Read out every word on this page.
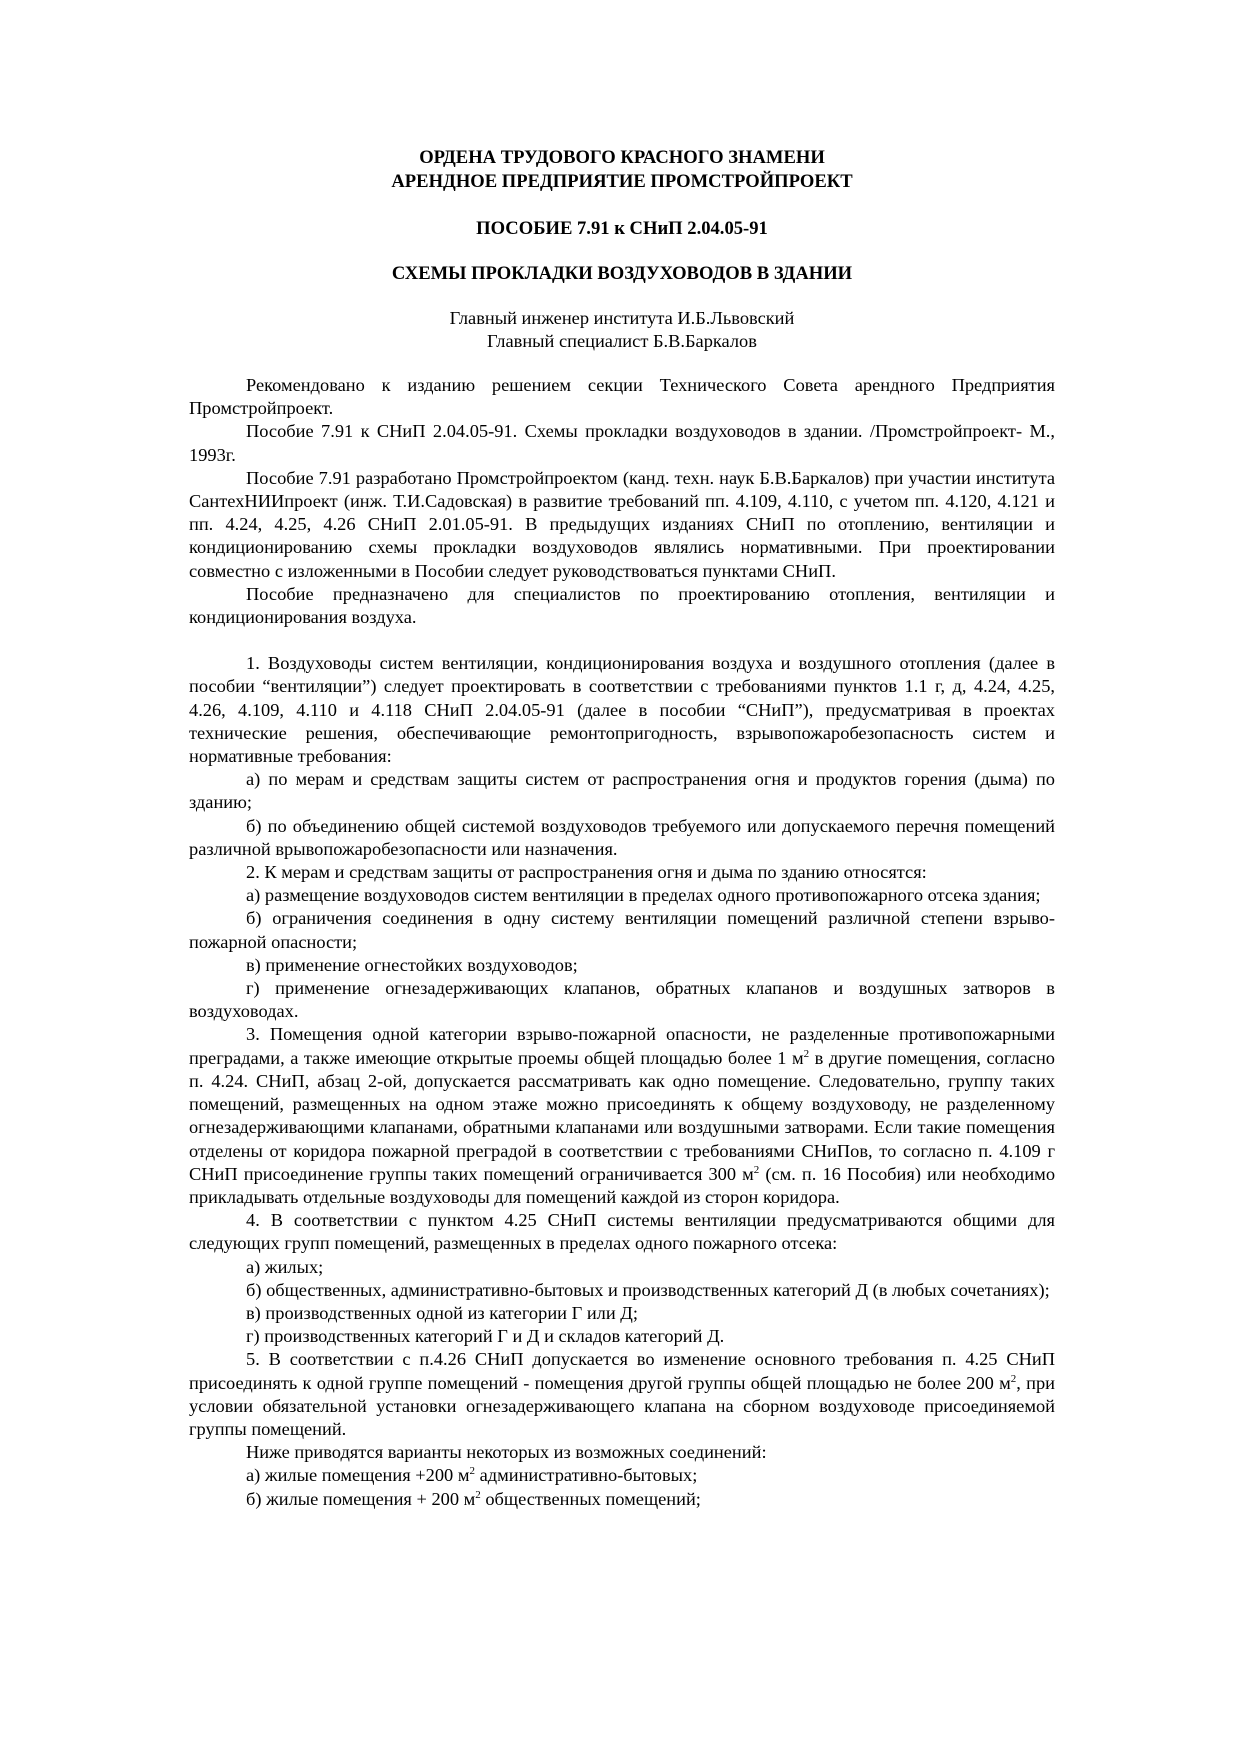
ОРДЕНА ТРУДОВОГО КРАСНОГО ЗНАМЕНИ
АРЕНДНОЕ ПРЕДПРИЯТИЕ ПРОМСТРОЙПРОЕКТ
ПОСОБИЕ 7.91 к СНиП 2.04.05-91
СХЕМЫ ПРОКЛАДКИ ВОЗДУХОВОДОВ В ЗДАНИИ
Главный инженер института И.Б.Львовский
Главный специалист Б.В.Баркалов

Рекомендовано к изданию решением секции Технического Совета арендного Предприятия Промстройпроект.

Пособие 7.91 к СНиП 2.04.05-91. Схемы прокладки воздуховодов в здании. /Промстройпроект- М., 1993г.

Пособие 7.91 разработано Промстройпроектом (канд. техн. наук Б.В.Баркалов) при участии института СантехНИИпроект (инж. Т.И.Садовская) в развитие требований пп. 4.109, 4.110, с учетом пп. 4.120, 4.121 и пп. 4.24, 4.25, 4.26 СНиП 2.01.05-91. В предыдущих изданиях СНиП по отоплению, вентиляции и кондиционированию схемы прокладки воздуховодов являлись нормативными. При проектировании совместно с изложенными в Пособии следует руководствоваться пунктами СНиП.

Пособие предназначено для специалистов по проектированию отопления, вентиляции и кондиционирования воздуха.

1. Воздуховоды систем вентиляции, кондиционирования воздуха и воздушного отопления (далее в пособии “вентиляции”) следует проектировать в соответствии с требованиями пунктов 1.1 г, д, 4.24, 4.25, 4.26, 4.109, 4.110 и 4.118 СНиП 2.04.05-91 (далее в пособии “СНиП”), предусматривая в проектах технические решения, обеспечивающие ремонтопригодность, взрывопожаробезопасность систем и нормативные требования:

а) по мерам и средствам защиты систем от распространения огня и продуктов горения (дыма) по зданию;

б) по объединению общей системой воздуховодов требуемого или допускаемого перечня помещений различной врывопожаробезопасности или назначения.

2. К мерам и средствам защиты от распространения огня и дыма по зданию относятся:

а) размещение воздуховодов систем вентиляции в пределах одного противопожарного отсека здания;

б) ограничения соединения в одну систему вентиляции помещений различной степени взрыво-пожарной опасности;

в) применение огнестойких воздуховодов;

г) применение огнезадерживающих клапанов, обратных клапанов и воздушных затворов в воздуховодах.

3. Помещения одной категории взрыво-пожарной опасности, не разделенные противопожарными преградами, а также имеющие открытые проемы общей площадью более 1 $м^2$ в другие помещения, согласно п. 4.24. СНиП, абзац 2-ой, допускается рассматривать как одно помещение. Следовательно, группу таких помещений, размещенных на одном этаже можно присоединять к общему воздуховоду, не разделенному огнезадерживающими клапанами, обратными клапанами или воздушными затворами. Если такие помещения отделены от коридора пожарной преградой в соответствии с требованиями СНиПов, то согласно п. 4.109 г СНиП присоединение группы таких помещений ограничивается 300 $м^2$ (см. п. 16 Пособия) или необходимо прикладывать отдельные воздуховоды для помещений каждой из сторон коридора.

4. В соответствии с пунктом 4.25 СНиП системы вентиляции предусматриваются общими для следующих групп помещений, размещенных в пределах одного пожарного отсека:

а) жилых;

б) общественных, административно-бытовых и производственных категорий Д (в любых сочетаниях);

в) производственных одной из категории Г или Д;

г) производственных категорий Г и Д и складов категорий Д.

5. В соответствии с п.4.26 СНиП допускается во изменение основного требования п. 4.25 СНиП присоединять к одной группе помещений - помещения другой группы общей площадью не более 200 $м^2$, при условии обязательной установки огнезадерживающего клапана на сборном воздуховоде присоединяемой группы помещений.

Ниже приводятся варианты некоторых из возможных соединений:

а) жилые помещения +200 $м^2$ административно-бытовых;

б) жилые помещения + 200 $м^2$ общественных помещений;
